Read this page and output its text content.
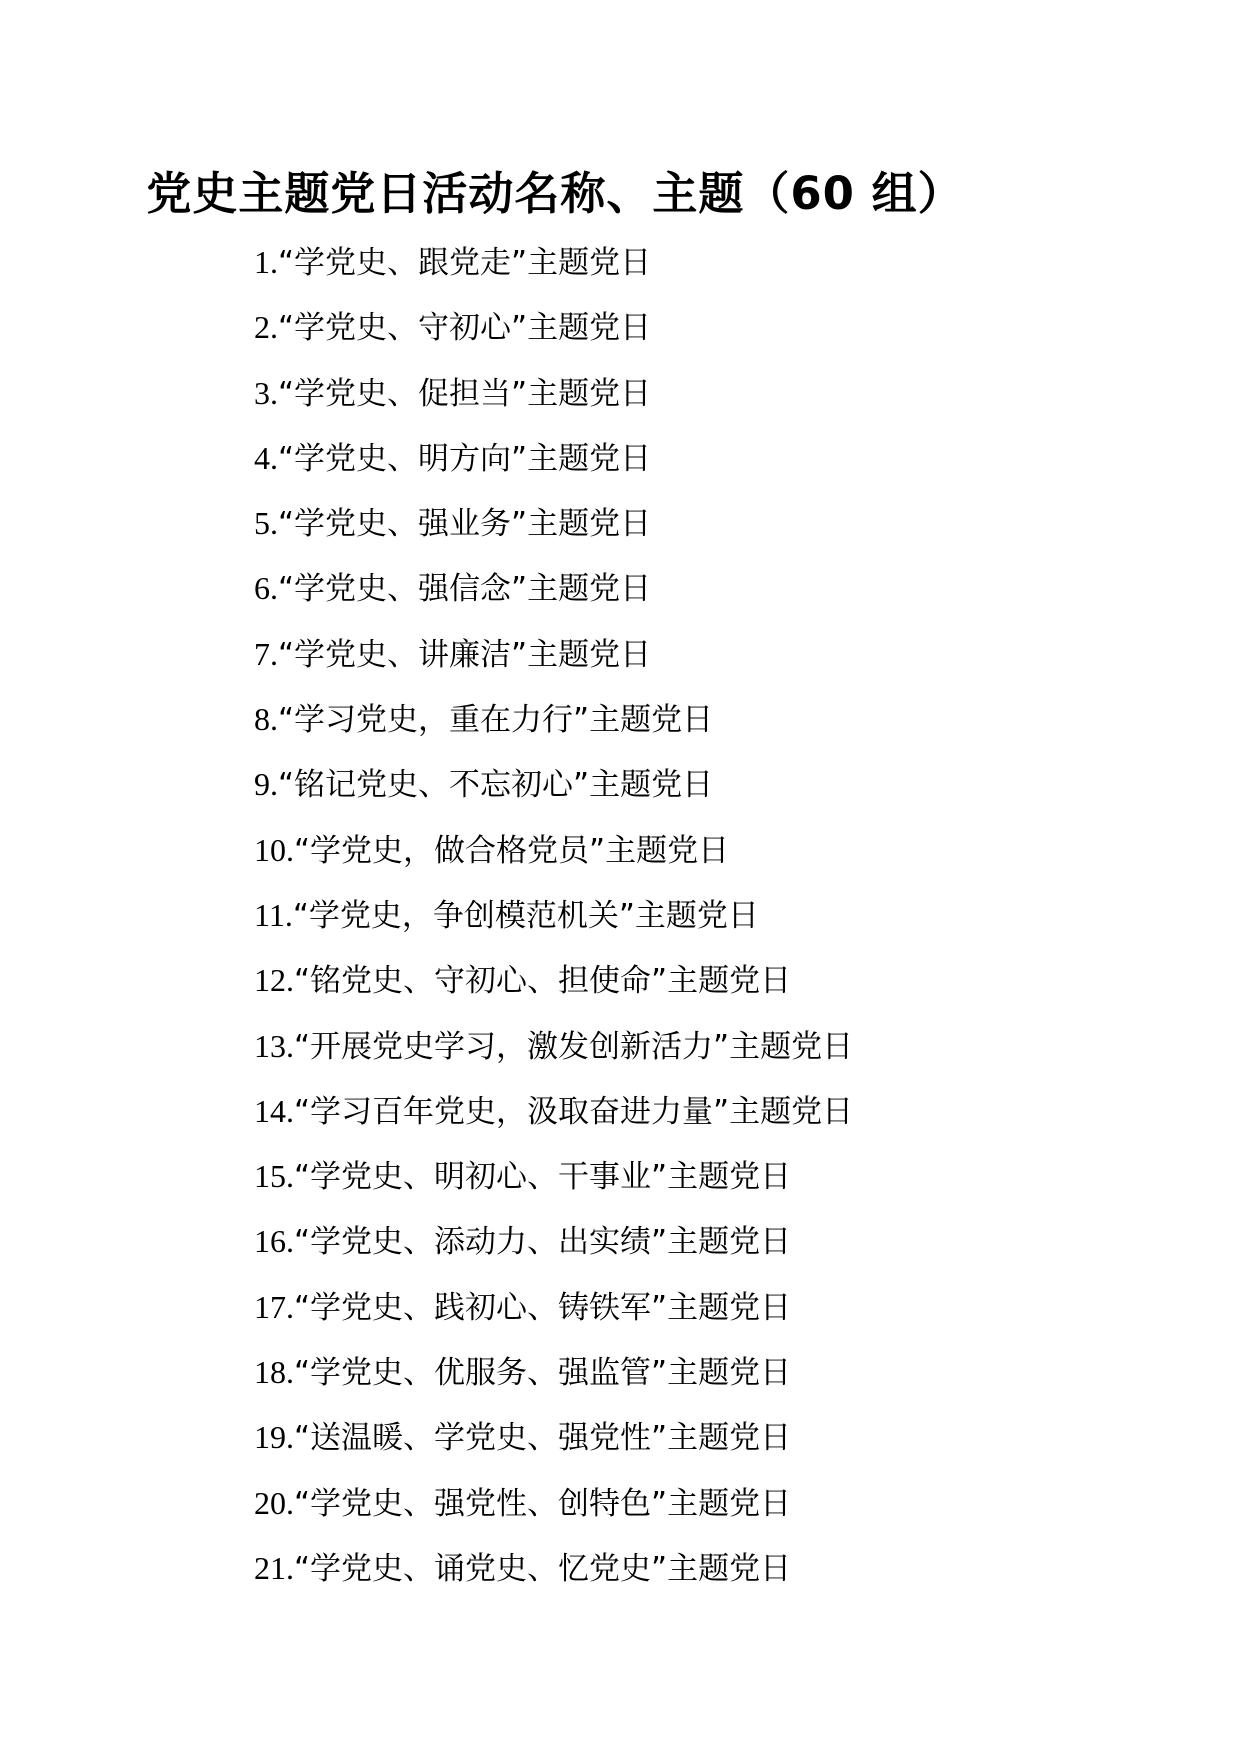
党史主题党日活动名称、主题（60 组）
1.“学党史、跟党走”主题党日
2.“学党史、守初心”主题党日
3.“学党史、促担当”主题党日
4.“学党史、明方向”主题党日
5.“学党史、强业务”主题党日
6.“学党史、强信念”主题党日
7.“学党史、讲廉洁”主题党日
8.“学习党史，重在力行”主题党日
9.“铭记党史、不忘初心”主题党日
10.“学党史，做合格党员”主题党日
11.“学党史，争创模范机关”主题党日
12.“铭党史、守初心、担使命”主题党日
13.“开展党史学习，激发创新活力”主题党日
14.“学习百年党史，汲取奋进力量”主题党日
15.“学党史、明初心、干事业”主题党日
16.“学党史、添动力、出实绩”主题党日
17.“学党史、践初心、铸铁军”主题党日
18.“学党史、优服务、强监管”主题党日
19.“送温暖、学党史、强党性”主题党日
20.“学党史、强党性、创特色”主题党日
21.“学党史、诵党史、忆党史”主题党日
